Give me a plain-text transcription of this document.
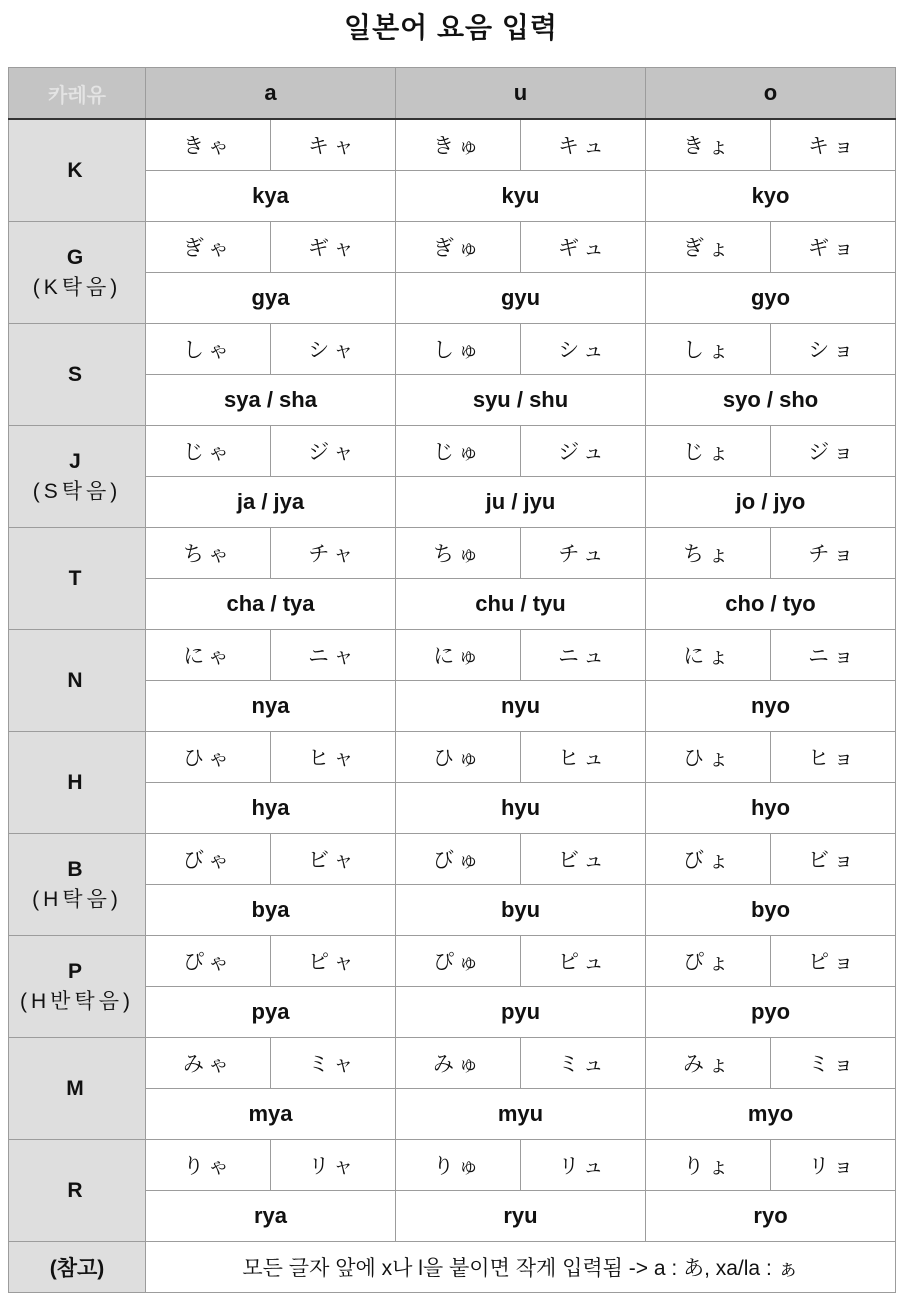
일본어 요음 입력
카레유	a		u		o	
K	きゃ	キャ	きゅ	キュ	きょ	キョ
	kya		kyu		kyo	
G
(K탁음)	ぎゃ	ギャ	ぎゅ	ギュ	ぎょ	ギョ
	gya		gyu		gyo	
S	しゃ	シャ	しゅ	シュ	しょ	ショ
	sya / sha		syu / shu		syo / sho	
J
(S탁음)	じゃ	ジャ	じゅ	ジュ	じょ	ジョ
	ja / jya		ju / jyu		jo / jyo	
T	ちゃ	チャ	ちゅ	チュ	ちょ	チョ
	cha / tya		chu / tyu		cho / tyo	
N	にゃ	ニャ	にゅ	ニュ	にょ	ニョ
	nya		nyu		nyo	
H	ひゃ	ヒャ	ひゅ	ヒュ	ひょ	ヒョ
	hya		hyu		hyo	
B
(H탁음)	びゃ	ビャ	びゅ	ビュ	びょ	ビョ
	bya		byu		byo	
P
(H반탁음)	ぴゃ	ピャ	ぴゅ	ピュ	ぴょ	ピョ
	pya		pyu		pyo	
M	みゃ	ミャ	みゅ	ミュ	みょ	ミョ
	mya		myu		myo	
R	りゃ	リャ	りゅ	リュ	りょ	リョ
	rya		ryu		ryo	
(참고)	모든 글자 앞에 x나 l을 붙이면 작게 입력됨 -> a : あ, xa/la : ぁ					
